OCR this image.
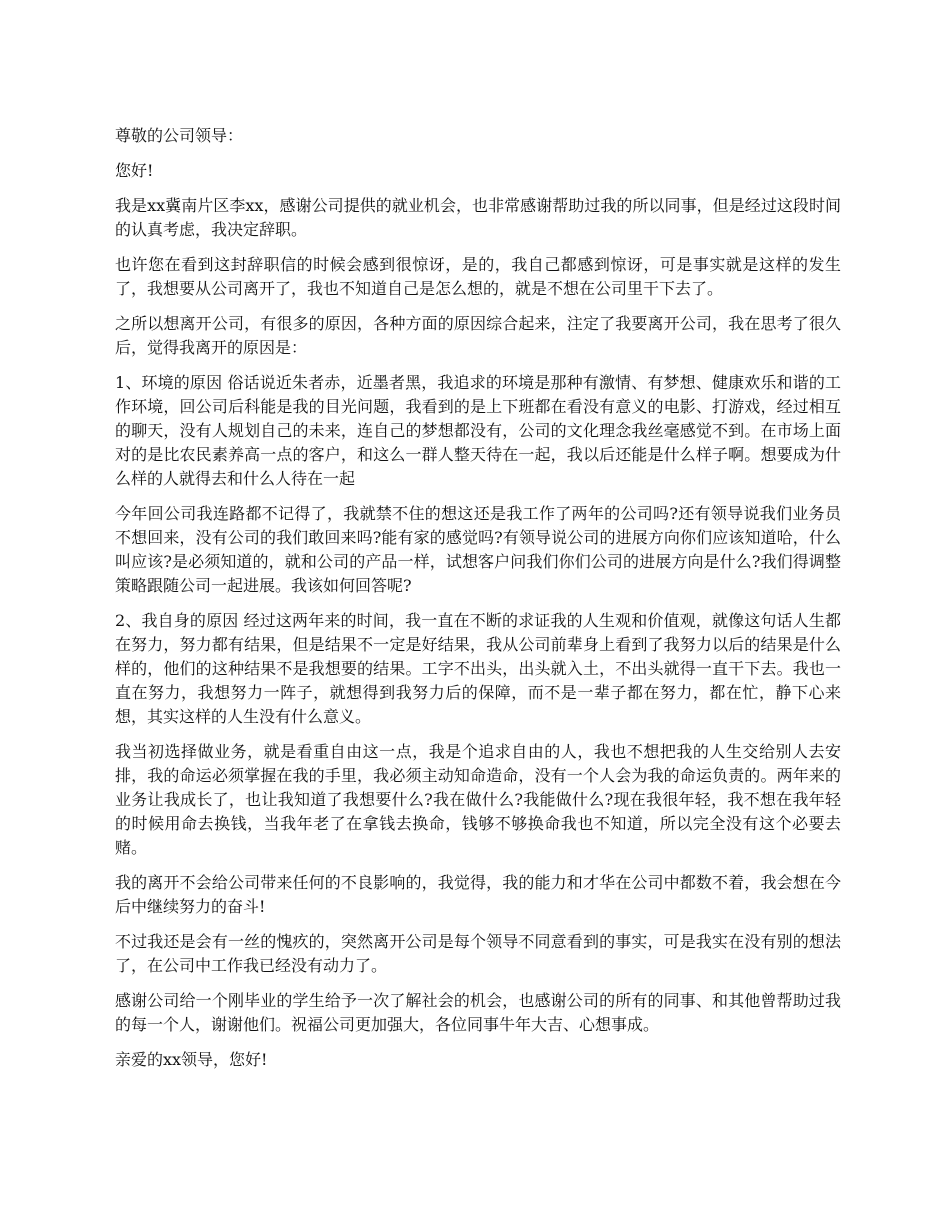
尊敬的公司领导：

您好!

我是xx冀南片区李xx，感谢公司提供的就业机会，也非常感谢帮助过我的所以同事，但是经过这段时间的认真考虑，我决定辞职。

也许您在看到这封辞职信的时候会感到很惊讶，是的，我自己都感到惊讶，可是事实就是这样的发生了，我想要从公司离开了，我也不知道自己是怎么想的，就是不想在公司里干下去了。

之所以想离开公司，有很多的原因，各种方面的原因综合起来，注定了我要离开公司，我在思考了很久后，觉得我离开的原因是：

1、环境的原因 俗话说近朱者赤，近墨者黑，我追求的环境是那种有激情、有梦想、健康欢乐和谐的工作环境，回公司后科能是我的目光问题，我看到的是上下班都在看没有意义的电影、打游戏，经过相互的聊天，没有人规划自己的未来，连自己的梦想都没有，公司的文化理念我丝毫感觉不到。在市场上面对的是比农民素养高一点的客户，和这么一群人整天待在一起，我以后还能是什么样子啊。想要成为什么样的人就得去和什么人待在一起

今年回公司我连路都不记得了，我就禁不住的想这还是我工作了两年的公司吗?还有领导说我们业务员不想回来，没有公司的我们敢回来吗?能有家的感觉吗?有领导说公司的进展方向你们应该知道哈，什么叫应该?是必须知道的，就和公司的产品一样，试想客户问我们你们公司的进展方向是什么?我们得调整策略跟随公司一起进展。我该如何回答呢?

2、我自身的原因 经过这两年来的时间，我一直在不断的求证我的人生观和价值观，就像这句话人生都在努力，努力都有结果，但是结果不一定是好结果，我从公司前辈身上看到了我努力以后的结果是什么样的，他们的这种结果不是我想要的结果。工字不出头，出头就入土，不出头就得一直干下去。我也一直在努力，我想努力一阵子，就想得到我努力后的保障，而不是一辈子都在努力，都在忙，静下心来想，其实这样的人生没有什么意义。

我当初选择做业务，就是看重自由这一点，我是个追求自由的人，我也不想把我的人生交给别人去安排，我的命运必须掌握在我的手里，我必须主动知命造命，没有一个人会为我的命运负责的。两年来的业务让我成长了，也让我知道了我想要什么?我在做什么?我能做什么?现在我很年轻，我不想在我年轻的时候用命去换钱，当我年老了在拿钱去换命，钱够不够换命我也不知道，所以完全没有这个必要去赌。

我的离开不会给公司带来任何的不良影响的，我觉得，我的能力和才华在公司中都数不着，我会想在今后中继续努力的奋斗!

不过我还是会有一丝的愧疚的，突然离开公司是每个领导不同意看到的事实，可是我实在没有别的想法了，在公司中工作我已经没有动力了。

感谢公司给一个刚毕业的学生给予一次了解社会的机会，也感谢公司的所有的同事、和其他曾帮助过我的每一个人，谢谢他们。祝福公司更加强大，各位同事牛年大吉、心想事成。

亲爱的xx领导，您好!
